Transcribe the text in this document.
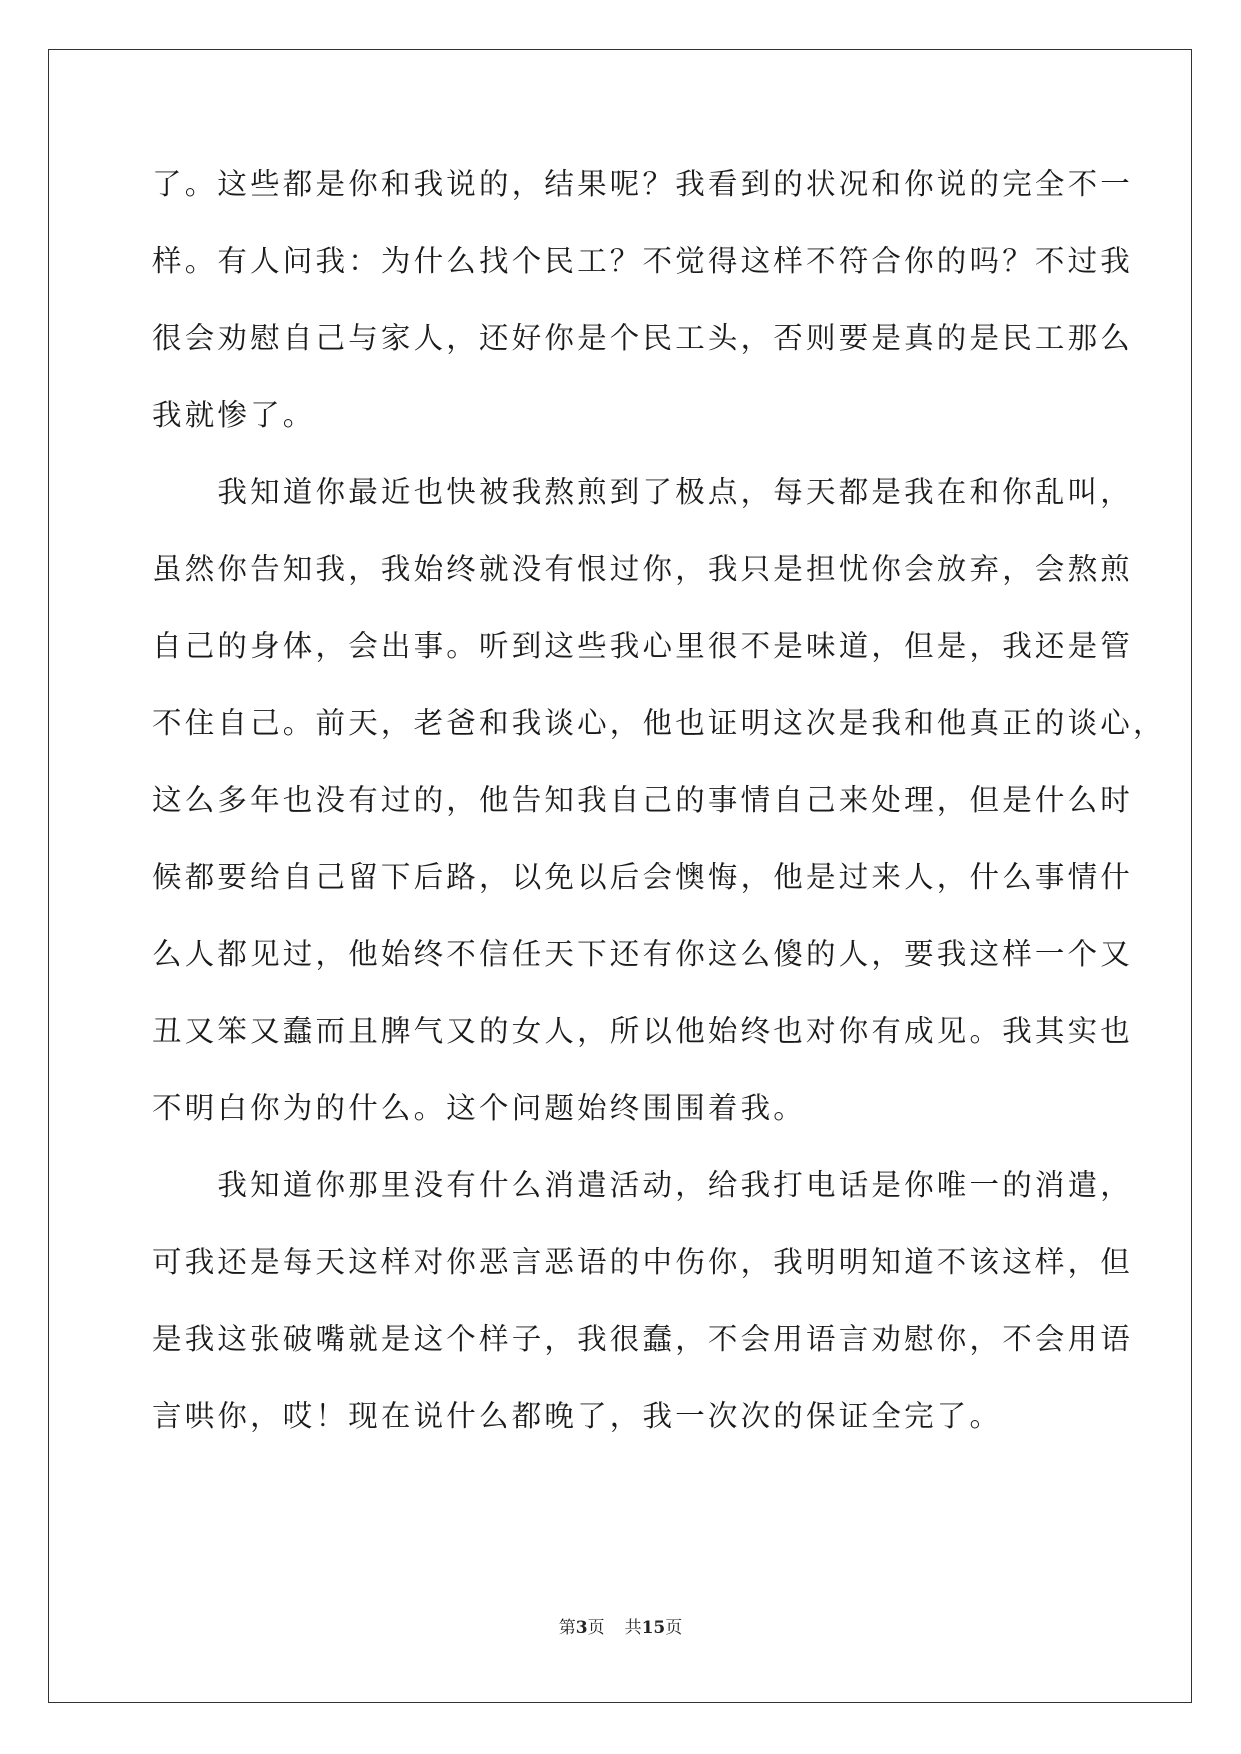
了。这些都是你和我说的，结果呢？我看到的状况和你说的完全不一
样。有人问我：为什么找个民工？不觉得这样不符合你的吗？不过我
很会劝慰自己与家人，还好你是个民工头，否则要是真的是民工那么
我就惨了。
　　我知道你最近也快被我熬煎到了极点，每天都是我在和你乱叫，
虽然你告知我，我始终就没有恨过你，我只是担忧你会放弃，会熬煎
自己的身体，会出事。听到这些我心里很不是味道，但是，我还是管
不住自己。前天，老爸和我谈心，他也证明这次是我和他真正的谈心，
这么多年也没有过的，他告知我自己的事情自己来处理，但是什么时
候都要给自己留下后路，以免以后会懊悔，他是过来人，什么事情什
么人都见过，他始终不信任天下还有你这么傻的人，要我这样一个又
丑又笨又蠢而且脾气又的女人，所以他始终也对你有成见。我其实也
不明白你为的什么。这个问题始终围围着我。
　　我知道你那里没有什么消遣活动，给我打电话是你唯一的消遣，
可我还是每天这样对你恶言恶语的中伤你，我明明知道不该这样，但
是我这张破嘴就是这个样子，我很蠢，不会用语言劝慰你，不会用语
言哄你，哎！现在说什么都晚了，我一次次的保证全完了。
第3页 共15页
